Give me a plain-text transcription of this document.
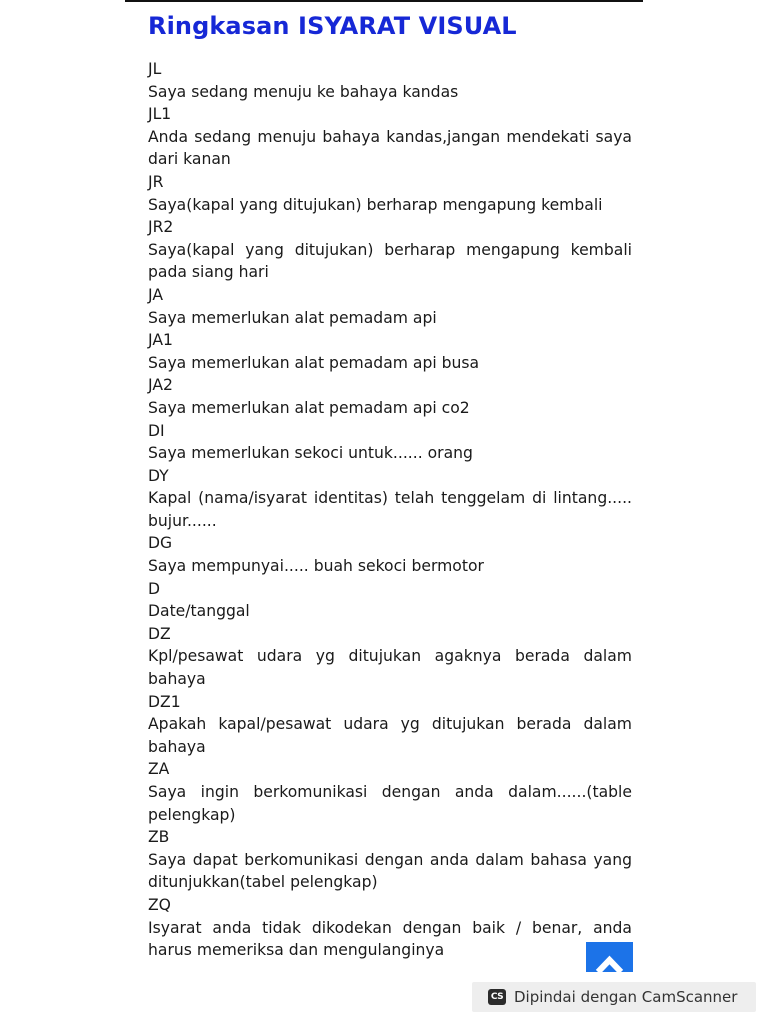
Ringkasan ISYARAT VISUAL

JL

Saya sedang menuju ke bahaya kandas

JL1

Anda sedang menuju bahaya kandas,jangan mendekati saya dari kanan

JR

Saya(kapal yang ditujukan) berharap mengapung kembali

JR2

Saya(kapal yang ditujukan) berharap mengapung kembali pada siang hari

JA

Saya memerlukan alat pemadam api

JA1

Saya memerlukan alat pemadam api busa

JA2

Saya memerlukan alat pemadam api co2

DI

Saya memerlukan sekoci untuk...... orang

DY

Kapal (nama/isyarat identitas) telah tenggelam di lintang..... bujur......

DG

Saya mempunyai..... buah sekoci bermotor

D

Date/tanggal

DZ

Kpl/pesawat udara yg ditujukan agaknya berada dalam bahaya

DZ1

Apakah kapal/pesawat udara yg ditujukan berada dalam bahaya

ZA

Saya ingin berkomunikasi dengan anda dalam......(table pelengkap)

ZB

Saya dapat berkomunikasi dengan anda dalam bahasa yang ditunjukkan(tabel pelengkap)

ZQ

Isyarat anda tidak dikodekan dengan baik / benar, anda harus memeriksa dan mengulanginya

CS Dipindai dengan CamScanner
